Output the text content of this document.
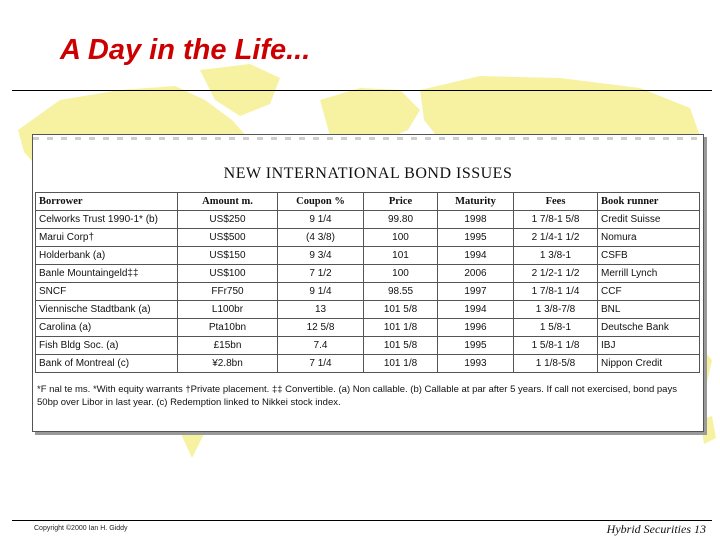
A Day in the Life...
NEW INTERNATIONAL BOND ISSUES
Borrower	Amount m.	Coupon %	Price	Maturity	Fees	Book runner
Celworks Trust 1990-1* (b)	US$250	9 1/4	99.80	1998	1 7/8-1 5/8	Credit Suisse
Marui Corp†	US$500	(4 3/8)	100	1995	2 1/4-1 1/2	Nomura
Holderbank (a)	US$150	9 3/4	101	1994	1 3/8-1	CSFB
Banle Mountaingeld‡‡	US$100	7 1/2	100	2006	2 1/2-1 1/2	Merrill Lynch
SNCF	FFr750	9 1/4	98.55	1997	1 7/8-1 1/4	CCF
Viennische Stadtbank (a)	L100br	13	101 5/8	1994	1 3/8-7/8	BNL
Carolina (a)	Pta10bn	12 5/8	101 1/8	1996	1 5/8-1	Deutsche Bank
Fish Bldg Soc. (a)	£15bn	7.4	101 5/8	1995	1 5/8-1 1/8	IBJ
Bank of Montreal (c)	¥2.8bn	7 1/4	101 1/8	1993	1 1/8-5/8	Nippon Credit
*F nal te ms. *With equity warrants †Private placement. ‡‡ Convertible. (a) Non callable. (b) Callable at par after 5 years. If call not exercised, bond pays 50bp over Libor in last year. (c) Redemption linked to Nikkei stock index.
Copyright ©2000 Ian H. Giddy	Hybrid Securities 13
